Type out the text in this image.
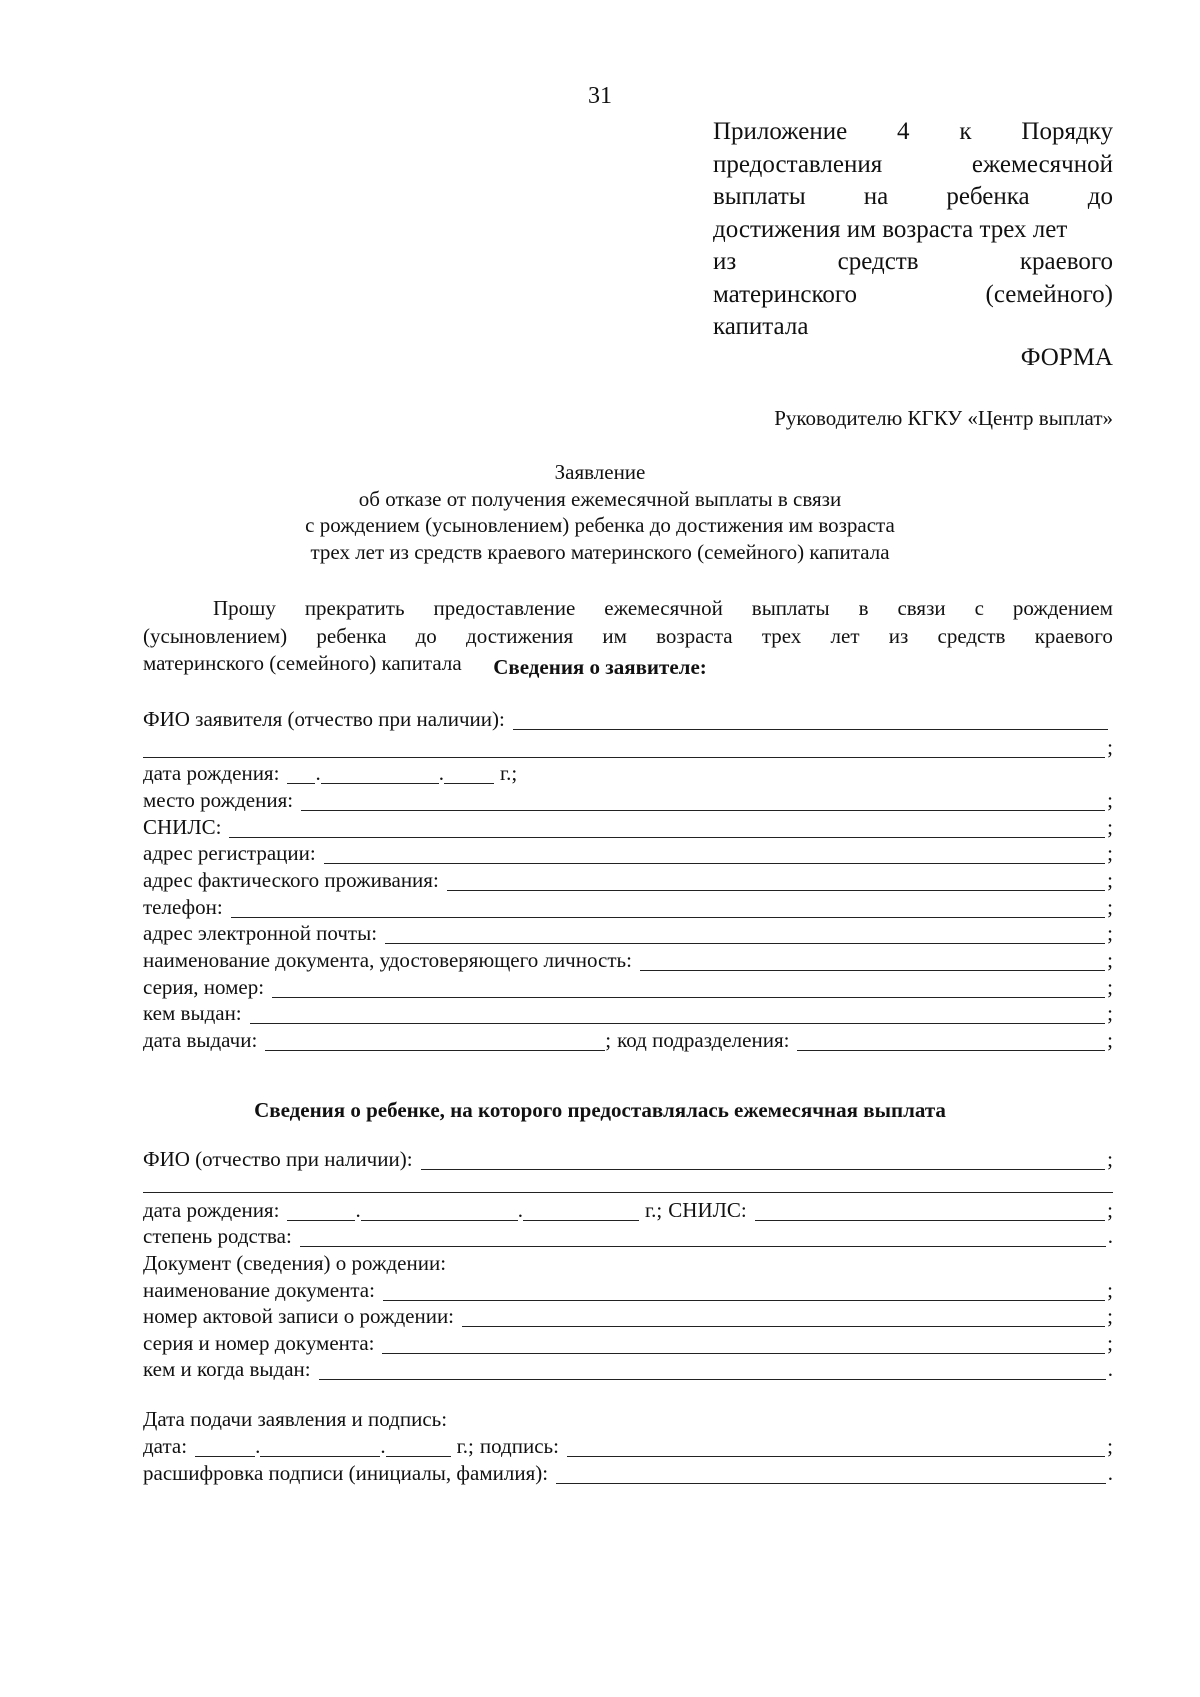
31
Приложение 4 к Порядку
предоставления	ежемесячной
выплаты на ребенка до
достижения им возраста трех лет
из	средств	краевого
материнского	(семейного)
капитала
ФОРМА
Руководителю КГКУ «Центр выплат»
Заявление
об отказе от получения ежемесячной выплаты в связи
с рождением (усыновлением) ребенка до достижения им возраста
трех лет из средств краевого материнского (семейного) капитала
Прошу прекратить предоставление ежемесячной выплаты в связи с рождением
(усыновлением) ребенка до достижения им возраста трех лет из средств краевого
материнского (семейного) капитала	Сведения о заявителе:
ФИО заявителя (отчество при наличии):
;
дата рождения: .	.	г.;
место рождения:	;
СНИЛС:	;
адрес регистрации:	;
адрес фактического проживания:	;
телефон:	;
адрес электронной почты:	;
наименование документа, удостоверяющего личность:	;
серия, номер:	;
кем выдан:	;
дата выдачи:	; код подразделения:	;
Сведения о ребенке, на которого предоставлялась ежемесячная выплата
ФИО (отчество при наличии):	;
дата рождения:	.	.	г.; СНИЛС:	;
степень родства:	.
Документ (сведения) о рождении:
наименование документа:	;
номер актовой записи о рождении:	;
серия и номер документа:	;
кем и когда выдан:	.
Дата подачи заявления и подпись:
дата:	.	.	г.; подпись:	;
расшифровка подписи (инициалы, фамилия):	.
